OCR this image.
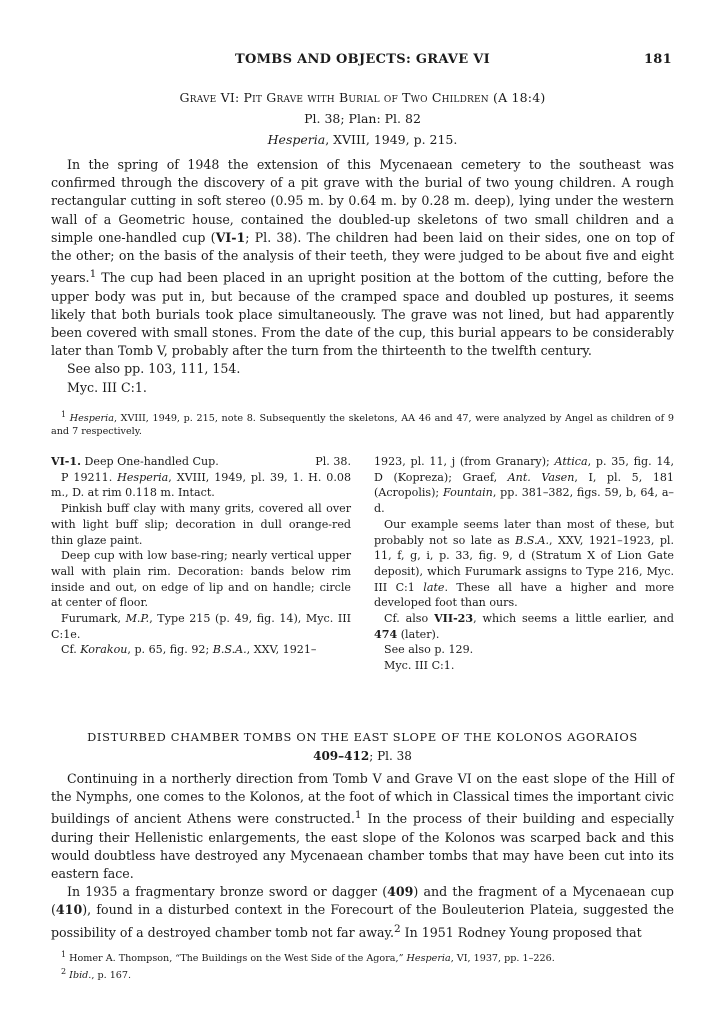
TOMBS AND OBJECTS: GRAVE VI	181
Grave VI: Pit Grave with Burial of Two Children (A 18:4)
Pl. 38; Plan: Pl. 82
Hesperia, XVIII, 1949, p. 215.

In the spring of 1948 the extension of this Mycenaean cemetery to the southeast was confirmed through the discovery of a pit grave with the burial of two young children. A rough rectangular cutting in soft stereo (0.95 m. by 0.64 m. by 0.28 m. deep), lying under the western wall of a Geometric house, contained the doubled-up skeletons of two small children and a simple one-handled cup (VI-1; Pl. 38). The children had been laid on their sides, one on top of the other; on the basis of the analysis of their teeth, they were judged to be about five and eight years.$^1$ The cup had been placed in an upright position at the bottom of the cutting, before the upper body was put in, but because of the cramped space and doubled up postures, it seems likely that both burials took place simultaneously. The grave was not lined, but had apparently been covered with small stones. From the date of the cup, this burial appears to be considerably later than Tomb V, probably after the turn from the thirteenth to the twelfth century.

See also pp. 103, 111, 154.
Myc. III C:1.
$^1$ Hesperia, XVIII, 1949, p. 215, note 8. Subsequently the skeletons, AA 46 and 47, were analyzed by Angel as children of 9 and 7 respectively.
VI-1. Deep One-handled Cup.	Pl. 38.

P 19211. Hesperia, XVIII, 1949, pl. 39, 1. H. 0.08 m., D. at rim 0.118 m. Intact.

Pinkish buff clay with many grits, covered all over with light buff slip; decoration in dull orange-red thin glaze paint.

Deep cup with low base-ring; nearly vertical upper wall with plain rim. Decoration: bands below rim inside and out, on edge of lip and on handle; circle at center of floor.

Furumark, M.P., Type 215 (p. 49, fig. 14), Myc. III C:1e.

Cf. Korakou, p. 65, fig. 92; B.S.A., XXV, 1921–

1923, pl. 11, j (from Granary); Attica, p. 35, fig. 14, D (Kopreza); Graef, Ant. Vasen, I, pl. 5, 181 (Acropolis); Fountain, pp. 381–382, figs. 59, b, 64, a–d.

Our example seems later than most of these, but probably not so late as B.S.A., XXV, 1921–1923, pl. 11, f, g, i, p. 33, fig. 9, d (Stratum X of Lion Gate deposit), which Furumark assigns to Type 216, Myc. III C:1 late. These all have a higher and more developed foot than ours.

Cf. also VII-23, which seems a little earlier, and 474 (later).

See also p. 129.

Myc. III C:1.

DISTURBED CHAMBER TOMBS ON THE EAST SLOPE OF THE KOLONOS AGORAIOS
409–412; Pl. 38

Continuing in a northerly direction from Tomb V and Grave VI on the east slope of the Hill of the Nymphs, one comes to the Kolonos, at the foot of which in Classical times the important civic buildings of ancient Athens were constructed.$^1$ In the process of their building and especially during their Hellenistic enlargements, the east slope of the Kolonos was scarped back and this would doubtless have destroyed any Mycenaean chamber tombs that may have been cut into its eastern face.

In 1935 a fragmentary bronze sword or dagger (409) and the fragment of a Mycenaean cup (410), found in a disturbed context in the Forecourt of the Bouleuterion Plateia, suggested the possibility of a destroyed chamber tomb not far away.$^2$ In 1951 Rodney Young proposed that

$^1$ Homer A. Thompson, “The Buildings on the West Side of the Agora,” Hesperia, VI, 1937, pp. 1–226.
$^2$ Ibid., p. 167.
